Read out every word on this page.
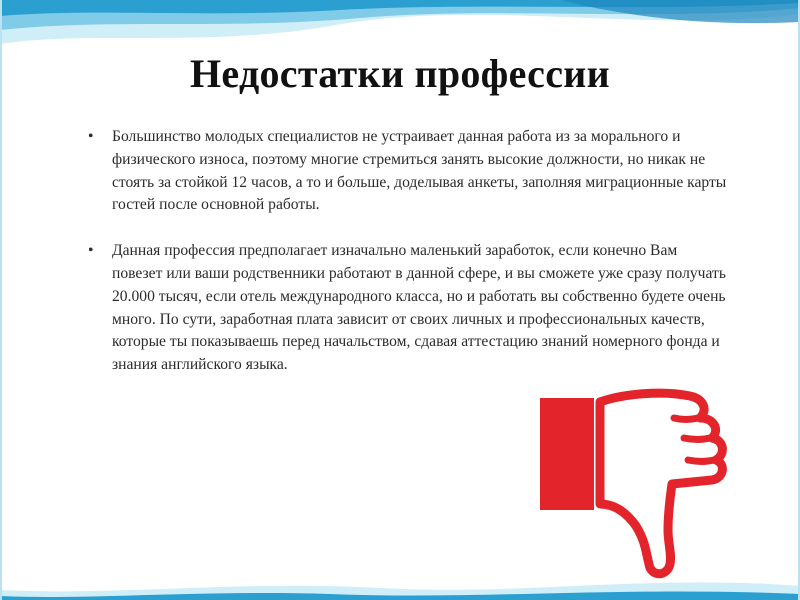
Недостатки профессии
• Большинство молодых специалистов не устраивает данная работа из за морального и физического износа, поэтому многие стремиться занять высокие должности, но никак не стоять за стойкой 12 часов, а то и больше, доделывая анкеты, заполняя миграционные карты гостей после основной работы.
• Данная профессия предполагает изначально маленький заработок, если конечно Вам повезет или ваши родственники работают в данной сфере, и вы сможете уже сразу получать 20.000 тысяч, если отель международного класса, но и работать вы собственно будете очень много. По сути, заработная плата зависит от своих личных и профессиональных качеств, которые ты показываешь перед начальством, сдавая аттестацию знаний номерного фонда и знания английского языка.
